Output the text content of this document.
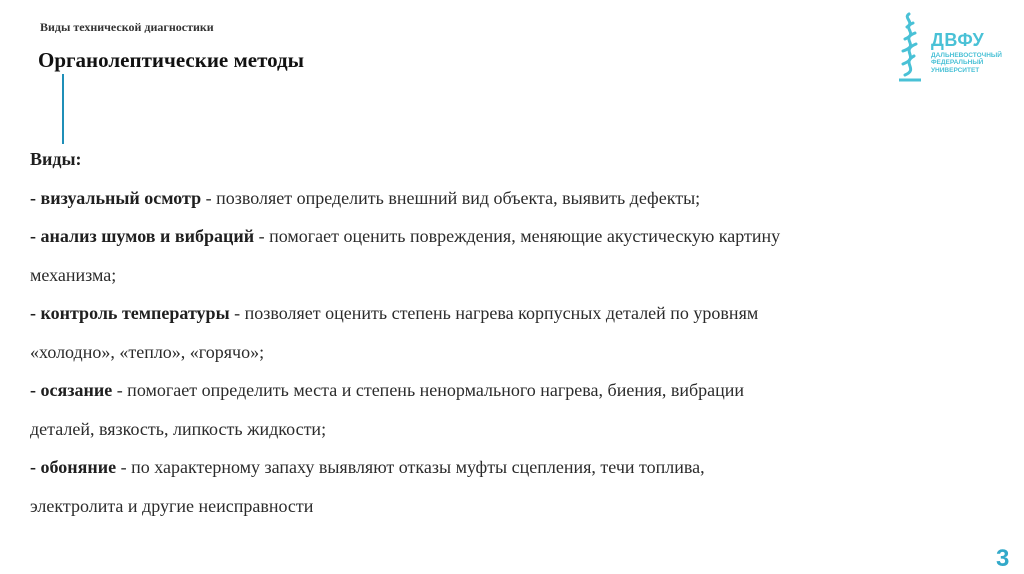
Виды технической диагностики
Органолептические методы
ДВФУ
ДАЛЬНЕВОСТОЧНЫЙ
ФЕДЕРАЛЬНЫЙ
УНИВЕРСИТЕТ

Виды:

- визуальный осмотр - позволяет определить внешний вид объекта, выявить дефекты;

- анализ шумов и вибраций - помогает оценить повреждения, меняющие акустическую картину

механизма;

- контроль температуры - позволяет оценить степень нагрева корпусных деталей по уровням

«холодно», «тепло», «горячо»;

- осязание - помогает определить места и степень ненормального нагрева, биения, вибрации

деталей, вязкость, липкость жидкости;

- обоняние - по характерному запаху выявляют отказы муфты сцепления, течи топлива,

электролита и другие неисправности

3
